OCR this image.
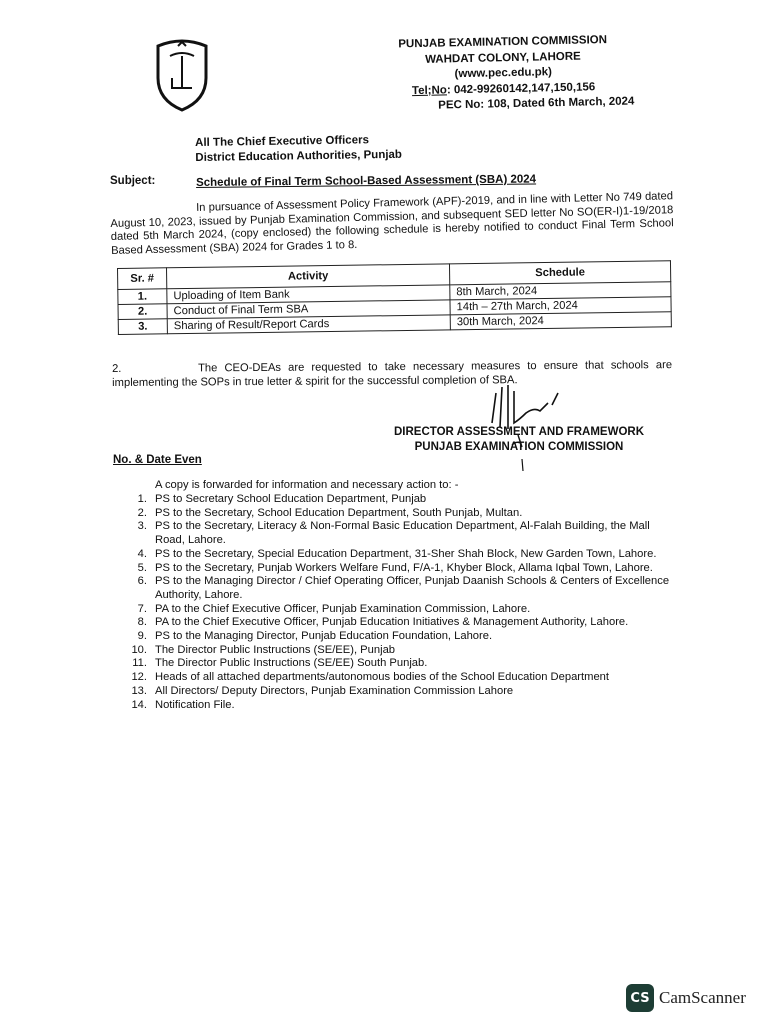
PUNJAB EXAMINATION COMMISSION
WAHDAT COLONY, LAHORE
(www.pec.edu.pk)
Tel;No: 042-99260142,147,150,156
PEC No: 108, Dated 6th March, 2024
All The Chief Executive Officers
District Education Authorities, Punjab
Subject:	Schedule of Final Term School-Based Assessment (SBA) 2024
In pursuance of Assessment Policy Framework (APF)-2019, and in line with Letter No 749 dated August 10, 2023, issued by Punjab Examination Commission, and subsequent SED letter No SO(ER-I)1-19/2018 dated 5th March 2024, (copy enclosed) the following schedule is hereby notified to conduct Final Term School Based Assessment (SBA) 2024 for Grades 1 to 8.
Sr. #	Activity	Schedule
1.	Uploading of Item Bank	8th March, 2024
2.	Conduct of Final Term SBA	14th – 27th March, 2024
3.	Sharing of Result/Report Cards	30th March, 2024
2.	The CEO-DEAs are requested to take necessary measures to ensure that schools are implementing the SOPs in true letter & spirit for the successful completion of SBA.
DIRECTOR ASSESSMENT AND FRAMEWORK
PUNJAB EXAMINATION COMMISSION
No. & Date Even
A copy is forwarded for information and necessary action to: -
1. PS to Secretary School Education Department, Punjab
2. PS to the Secretary, School Education Department, South Punjab, Multan.
3. PS to the Secretary, Literacy & Non-Formal Basic Education Department, Al-Falah Building, the Mall Road, Lahore.
4. PS to the Secretary, Special Education Department, 31-Sher Shah Block, New Garden Town, Lahore.
5. PS to the Secretary, Punjab Workers Welfare Fund, F/A-1, Khyber Block, Allama Iqbal Town, Lahore.
6. PS to the Managing Director / Chief Operating Officer, Punjab Daanish Schools & Centers of Excellence Authority, Lahore.
7. PA to the Chief Executive Officer, Punjab Examination Commission, Lahore.
8. PA to the Chief Executive Officer, Punjab Education Initiatives & Management Authority, Lahore.
9. PS to the Managing Director, Punjab Education Foundation, Lahore.
10. The Director Public Instructions (SE/EE), Punjab
11. The Director Public Instructions (SE/EE) South Punjab.
12. Heads of all attached departments/autonomous bodies of the School Education Department
13. All Directors/ Deputy Directors, Punjab Examination Commission Lahore
14. Notification File.
CS CamScanner
